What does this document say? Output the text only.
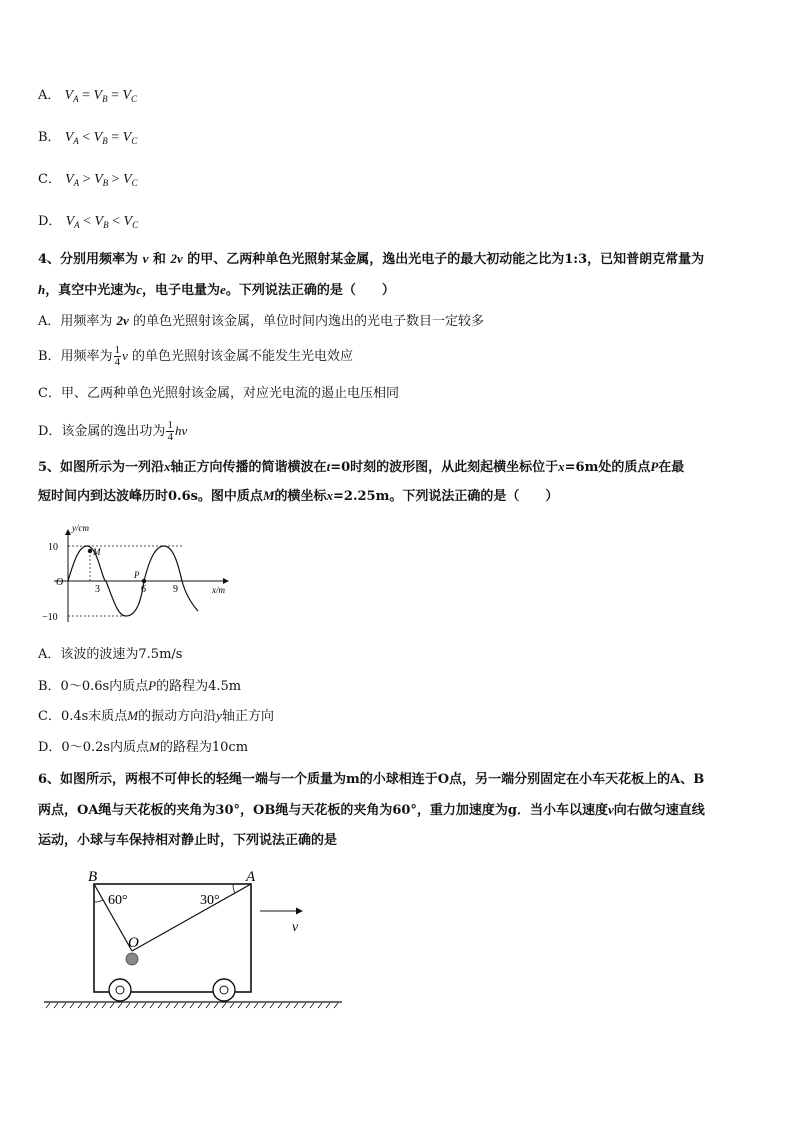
A． $V_A = V_B = V_C$
B． $V_A < V_B = V_C$
C． $V_A > V_B > V_C$
D． $V_A < V_B < V_C$
4、分别用频率为 ν 和 2ν 的甲、乙两种单色光照射某金属，逸出光电子的最大初动能之比为1:3，已知普朗克常量为
h，真空中光速为c，电子电量为e。下列说法正确的是（　　）
A．用频率为 2ν 的单色光照射该金属，单位时间内逸出的光电子数目一定较多
B．用频率为 $\frac{1}{4}$ ν 的单色光照射该金属不能发生光电效应
C．甲、乙两种单色光照射该金属，对应光电流的遏止电压相同
D．该金属的逸出功为 $\frac{1}{4}$ hν
5、如图所示为一列沿x轴正方向传播的简谐横波在t=0时刻的波形图，从此刻起横坐标位于x=6m处的质点P在最
短时间内到达波峰历时0.6s。图中质点M的横坐标x=2.25m。下列说法正确的是（　　）
y/cm
x/m
O
10
−10
3	6	9
M
P
A．该波的波速为7.5m/s
B．0～0.6s内质点P的路程为4.5m
C．0.4s末质点M的振动方向沿y轴正方向
D．0～0.2s内质点M的路程为10cm
6、如图所示，两根不可伸长的轻绳一端与一个质量为m的小球相连于O点，另一端分别固定在小车天花板上的A、B
两点，OA绳与天花板的夹角为30°，OB绳与天花板的夹角为60°，重力加速度为g．当小车以速度v向右做匀速直线
运动，小球与车保持相对静止时，下列说法正确的是
B	A
60°	30°
O
v
